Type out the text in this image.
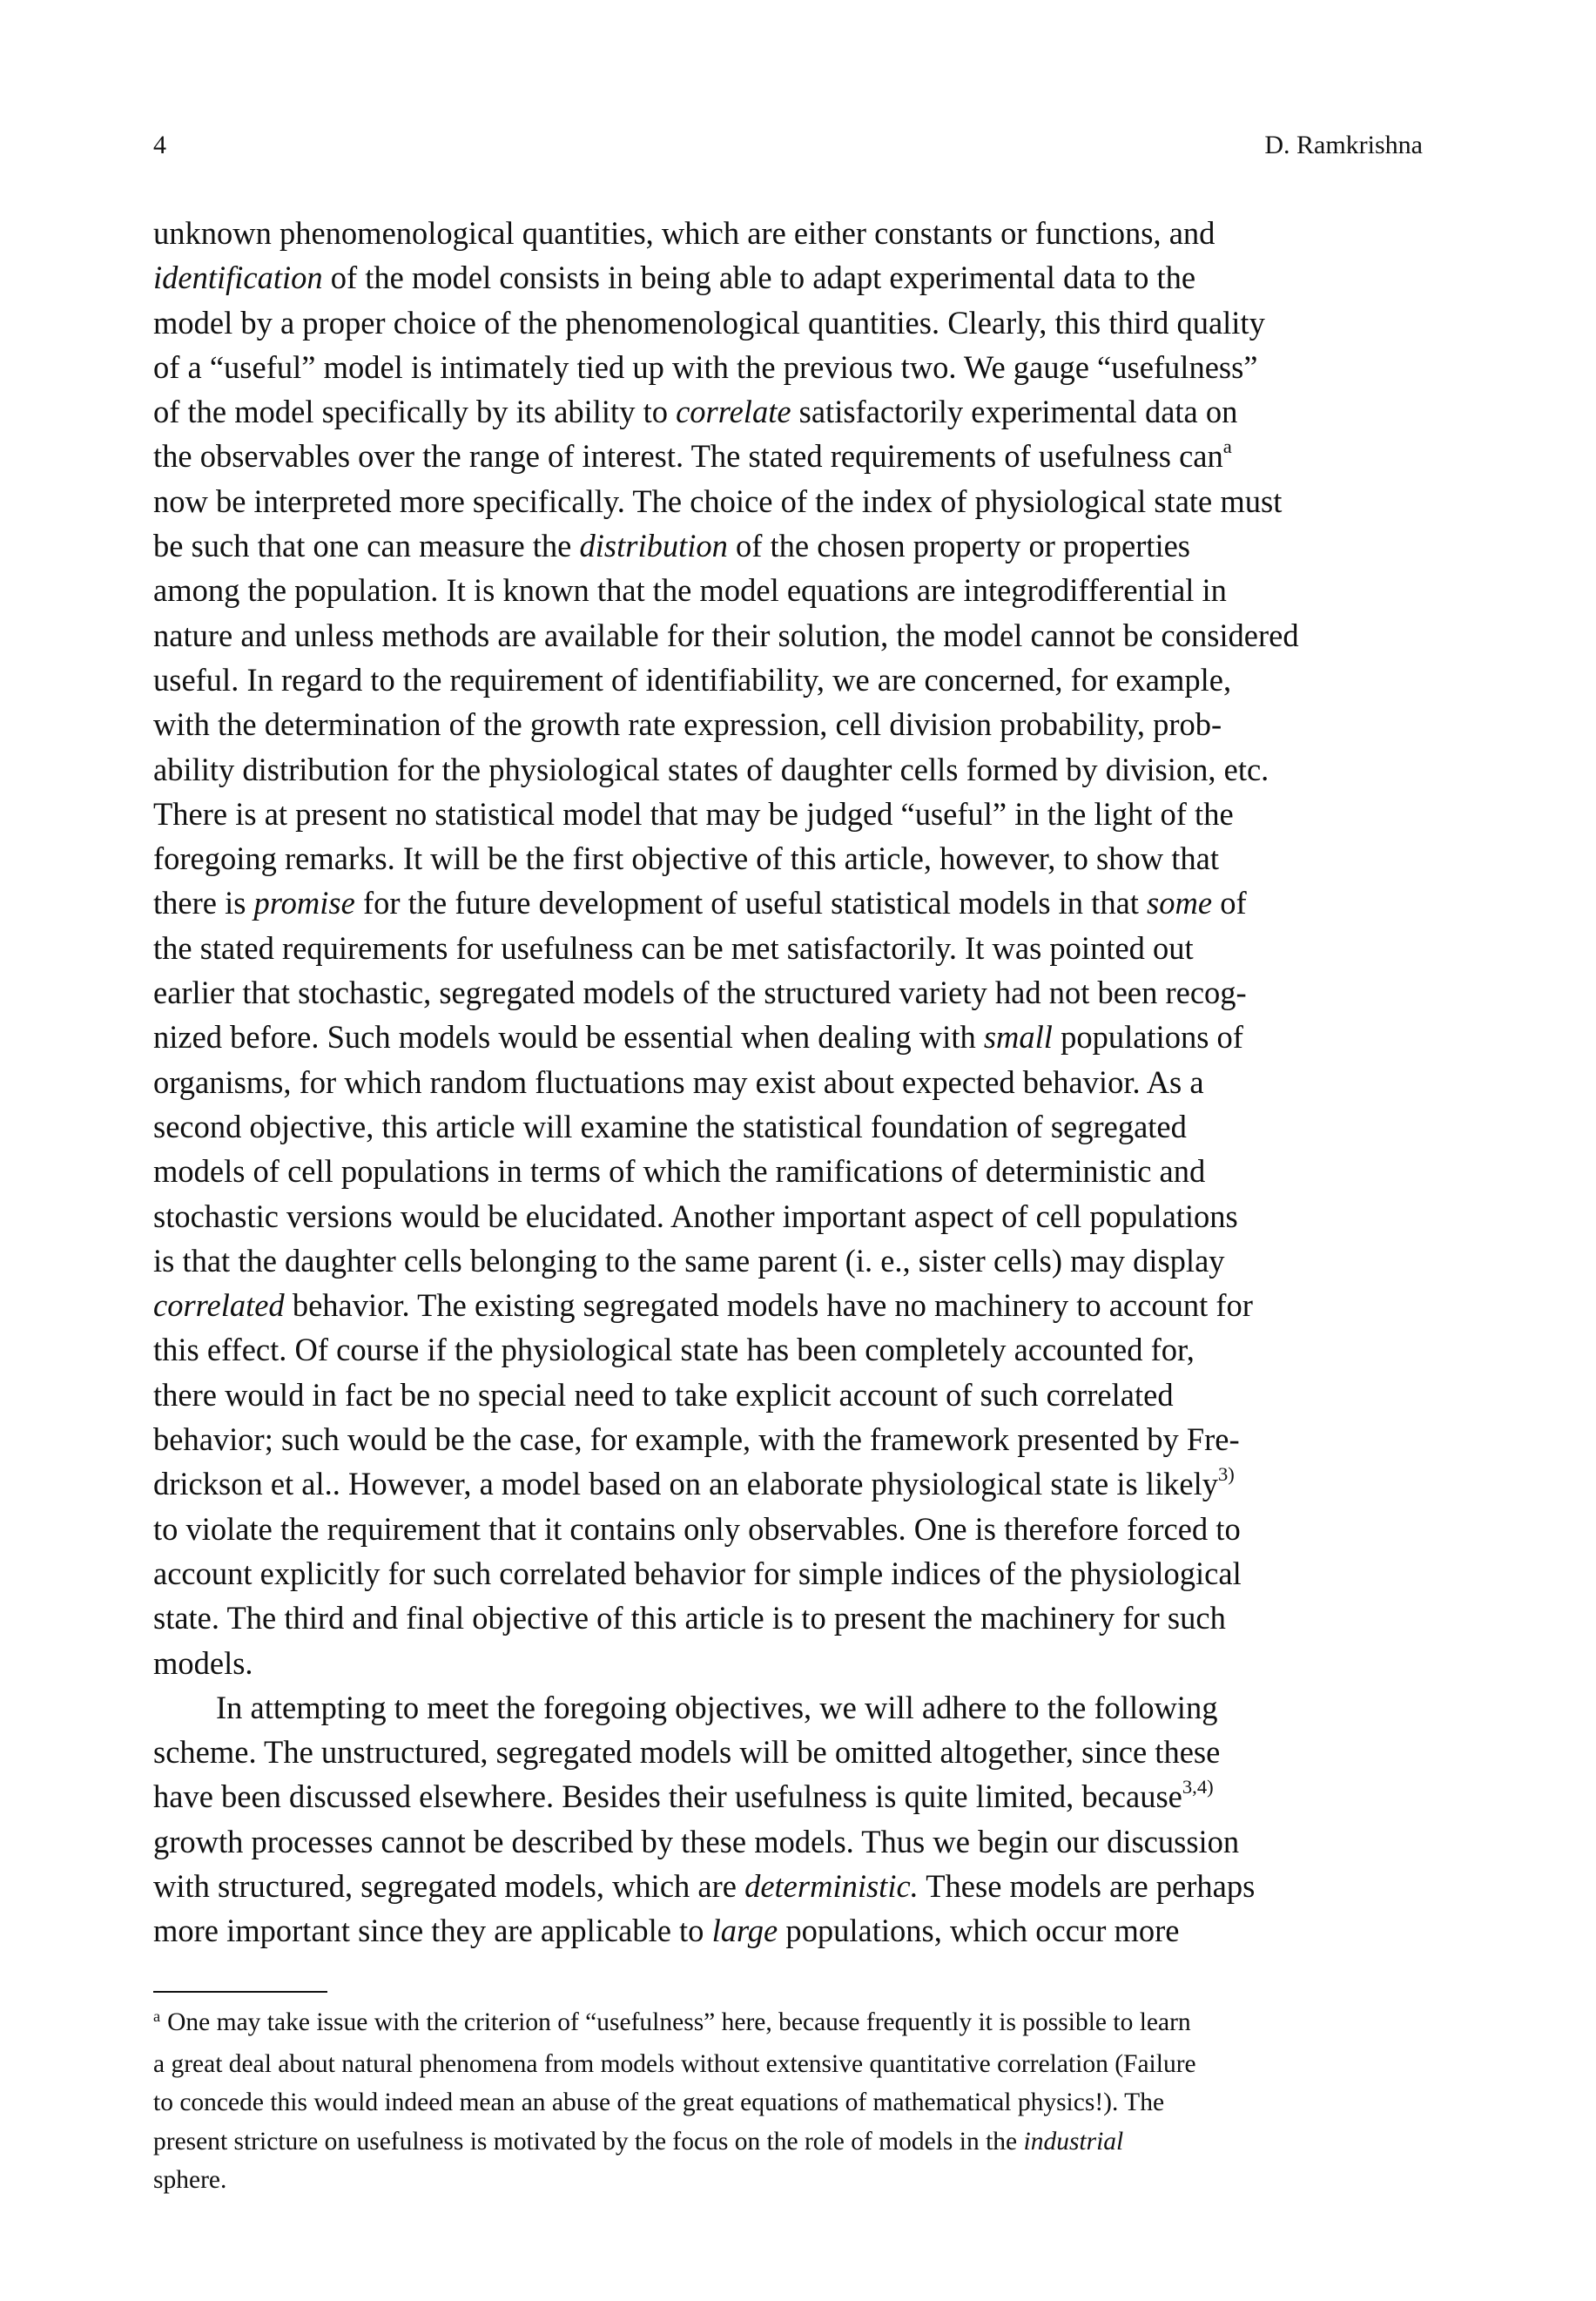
4	D. Ramkrishna
unknown phenomenological quantities, which are either constants or functions, and
identification of the model consists in being able to adapt experimental data to the
model by a proper choice of the phenomenological quantities. Clearly, this third quality
of a “useful” model is intimately tied up with the previous two. We gauge “usefulness”
of the model specifically by its ability to correlate satisfactorily experimental data on
the observables over the range of interest. The stated requirements of usefulness can$^a$
now be interpreted more specifically. The choice of the index of physiological state must
be such that one can measure the distribution of the chosen property or properties
among the population. It is known that the model equations are integrodifferential in
nature and unless methods are available for their solution, the model cannot be considered
useful. In regard to the requirement of identifiability, we are concerned, for example,
with the determination of the growth rate expression, cell division probability, prob-
ability distribution for the physiological states of daughter cells formed by division, etc.
There is at present no statistical model that may be judged “useful” in the light of the
foregoing remarks. It will be the first objective of this article, however, to show that
there is promise for the future development of useful statistical models in that some of
the stated requirements for usefulness can be met satisfactorily. It was pointed out
earlier that stochastic, segregated models of the structured variety had not been recog-
nized before. Such models would be essential when dealing with small populations of
organisms, for which random fluctuations may exist about expected behavior. As a
second objective, this article will examine the statistical foundation of segregated
models of cell populations in terms of which the ramifications of deterministic and
stochastic versions would be elucidated. Another important aspect of cell populations
is that the daughter cells belonging to the same parent (i. e., sister cells) may display
correlated behavior. The existing segregated models have no machinery to account for
this effect. Of course if the physiological state has been completely accounted for,
there would in fact be no special need to take explicit account of such correlated
behavior; such would be the case, for example, with the framework presented by Fre-
drickson et al.. However, a model based on an elaborate physiological state is likely$^{3)}$
to violate the requirement that it contains only observables. One is therefore forced to
account explicitly for such correlated behavior for simple indices of the physiological
state. The third and final objective of this article is to present the machinery for such
models.
In attempting to meet the foregoing objectives, we will adhere to the following
scheme. The unstructured, segregated models will be omitted altogether, since these
have been discussed elsewhere. Besides their usefulness is quite limited, because$^{3,4)}$
growth processes cannot be described by these models. Thus we begin our discussion
with structured, segregated models, which are deterministic. These models are perhaps
more important since they are applicable to large populations, which occur more
$^a$ One may take issue with the criterion of “usefulness” here, because frequently it is possible to learn
a great deal about natural phenomena from models without extensive quantitative correlation (Failure
to concede this would indeed mean an abuse of the great equations of mathematical physics!). The
present stricture on usefulness is motivated by the focus on the role of models in the industrial
sphere.
